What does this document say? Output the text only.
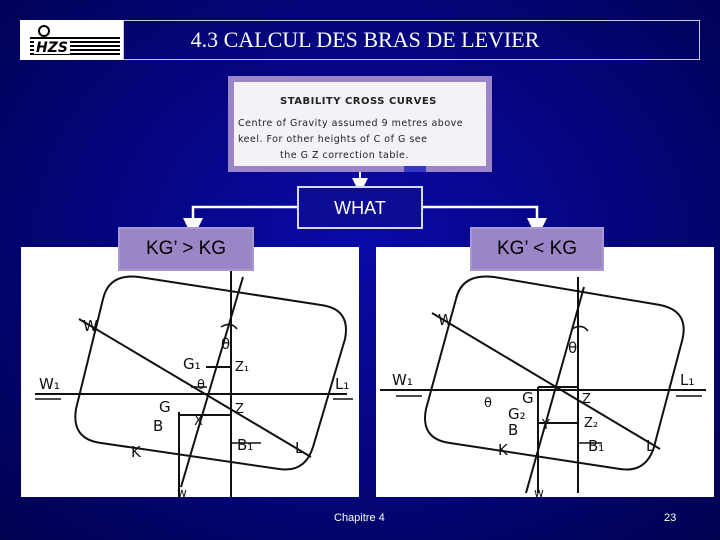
HZS	4.3 CALCUL DES BRAS DE LEVIER
STABILITY CROSS CURVES
Centre of Gravity assumed 9 metres above
keel. For other heights of C of G see
the G Z correction table.
WHAT
W
θ
G₁	Z₁
θ
W₁	L₁
G	Z
X
B
B₁
K	L
w
W
θ
W₁	L₁
θ G	Z
G₂
B Y	Z₂
B₁
K	L
w
KG’ > KG	KG’ < KG
Chapitre 4	23
